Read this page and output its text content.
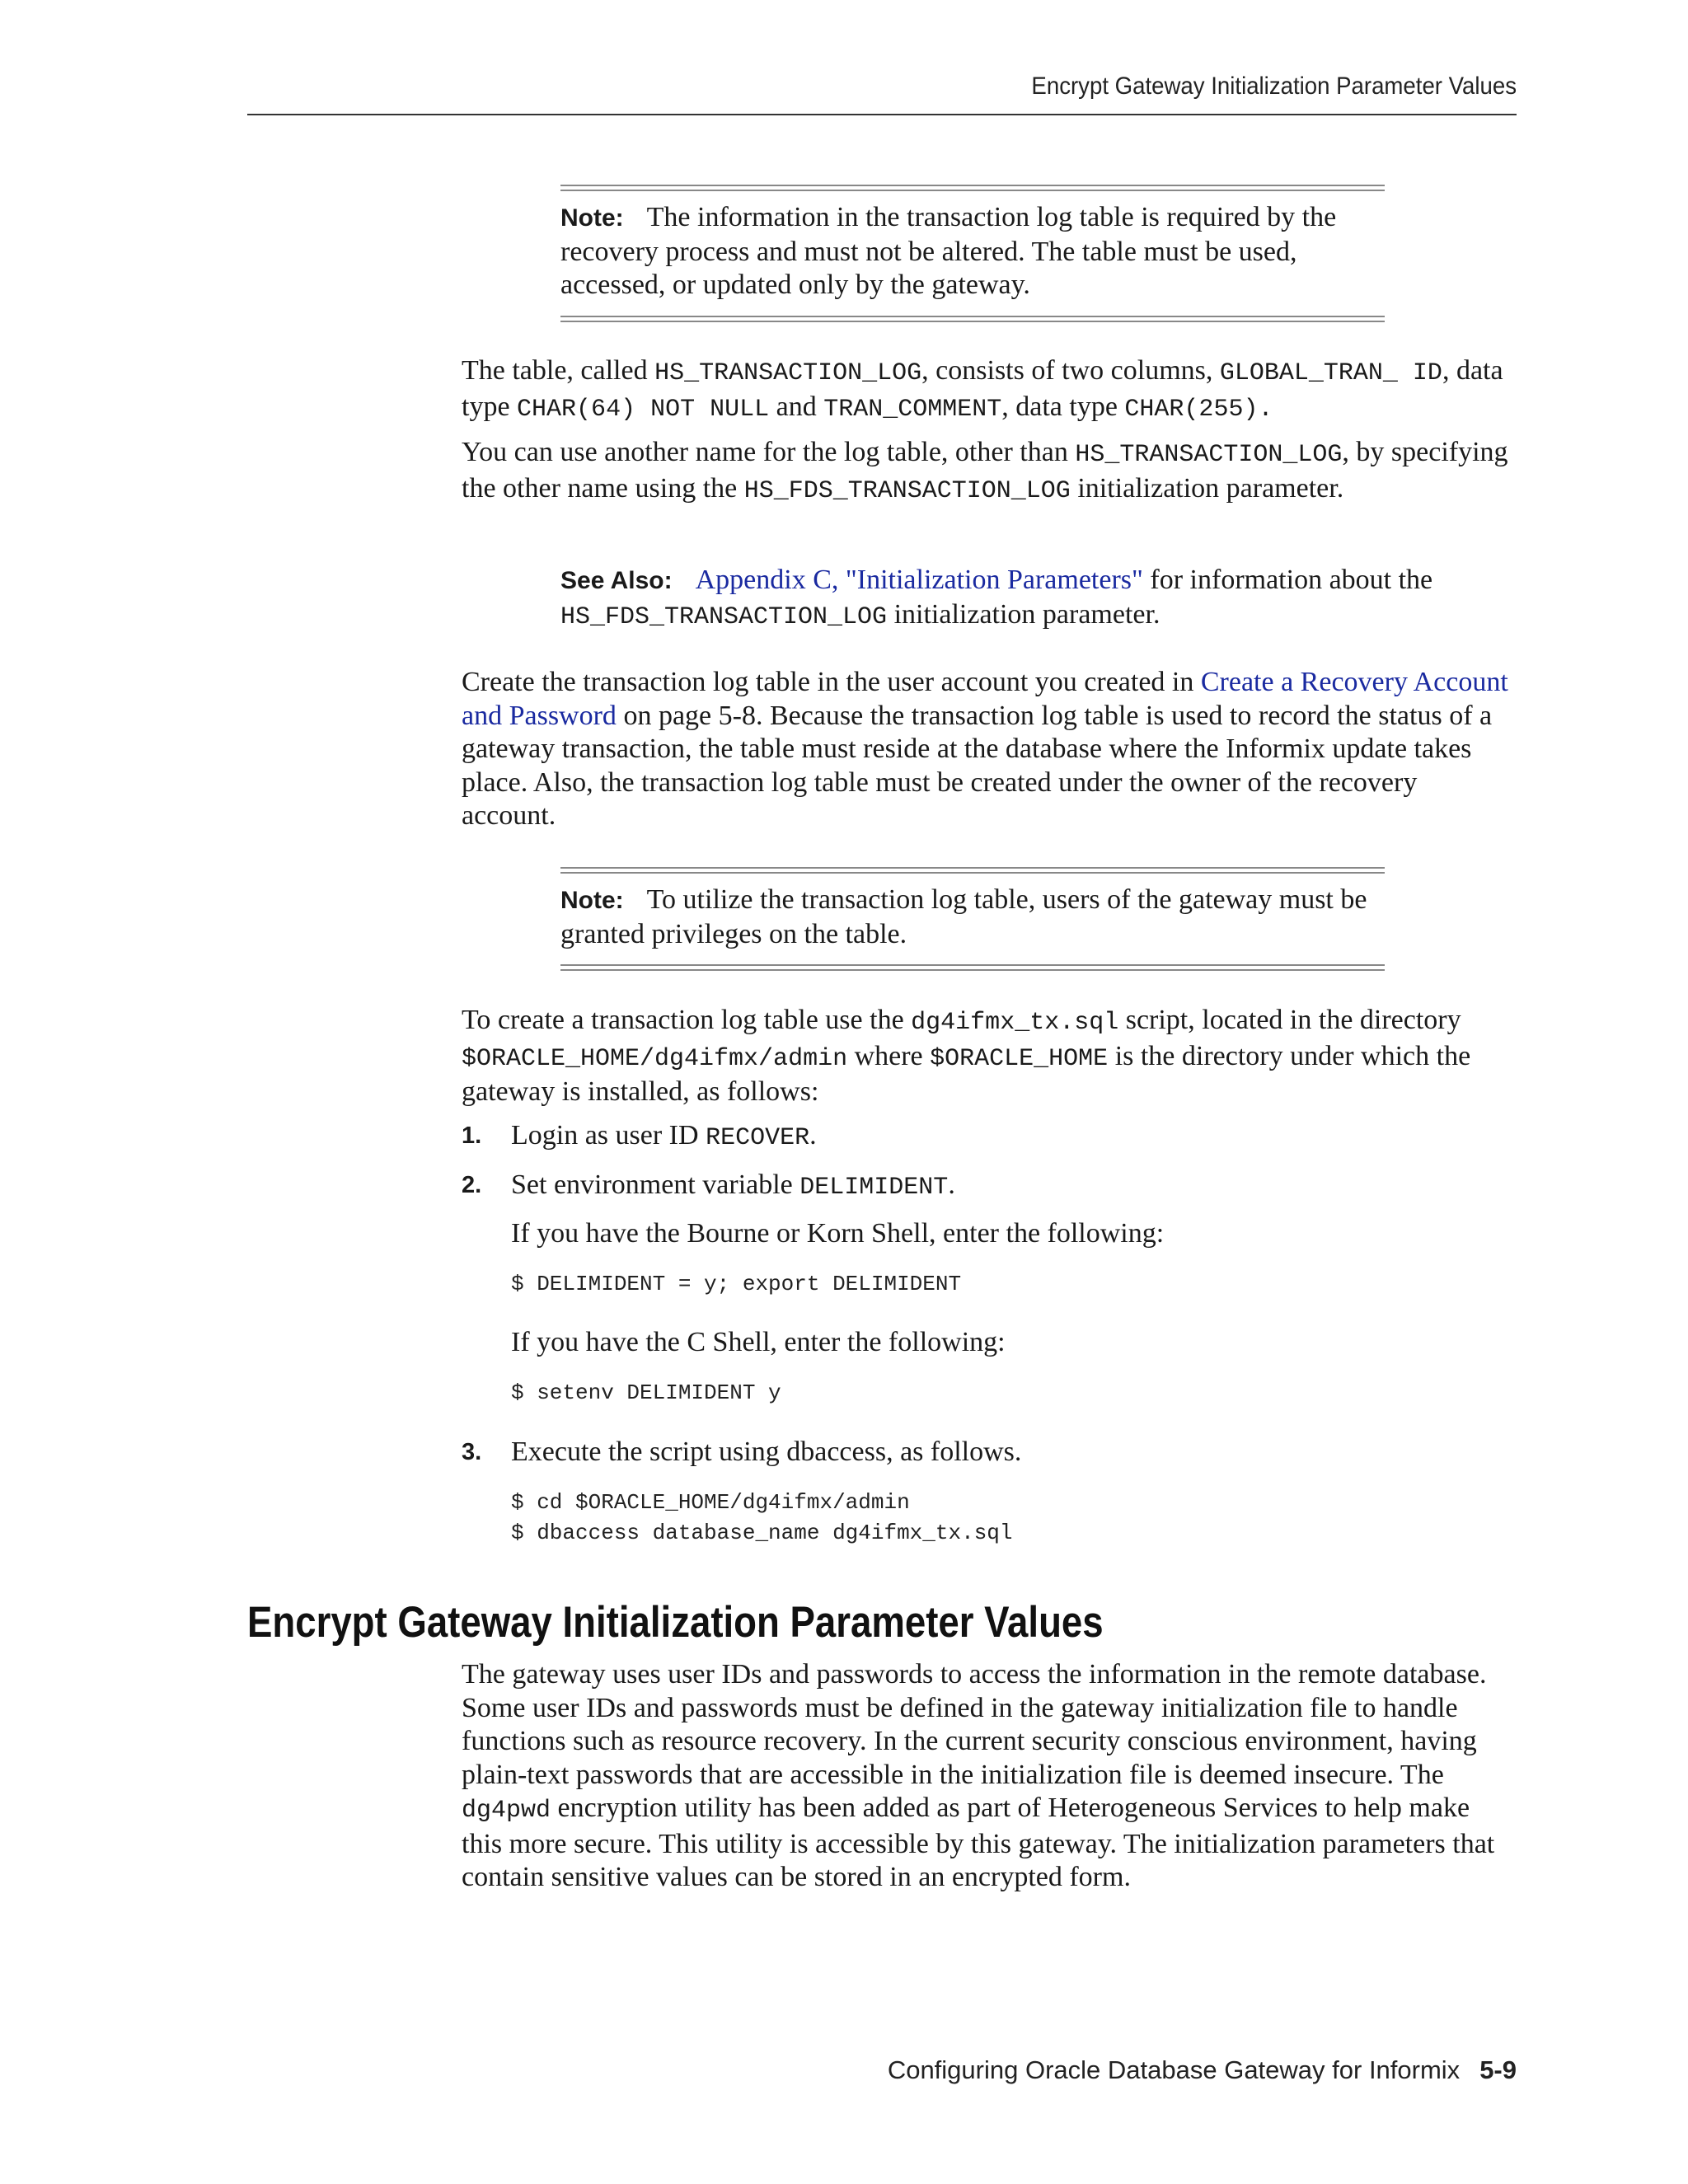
Encrypt Gateway Initialization Parameter Values

Note: The information in the transaction log table is required by the recovery process and must not be altered. The table must be used, accessed, or updated only by the gateway.

The table, called HS_TRANSACTION_LOG, consists of two columns, GLOBAL_TRAN_ ID, data type CHAR(64) NOT NULL and TRAN_COMMENT, data type CHAR(255).

You can use another name for the log table, other than HS_TRANSACTION_LOG, by specifying the other name using the HS_FDS_TRANSACTION_LOG initialization parameter.

See Also: Appendix C, "Initialization Parameters" for information about the HS_FDS_TRANSACTION_LOG initialization parameter.

Create the transaction log table in the user account you created in Create a Recovery Account and Password on page 5-8. Because the transaction log table is used to record the status of a gateway transaction, the table must reside at the database where the Informix update takes place. Also, the transaction log table must be created under the owner of the recovery account.

Note: To utilize the transaction log table, users of the gateway must be granted privileges on the table.

To create a transaction log table use the dg4ifmx_tx.sql script, located in the directory $ORACLE_HOME/dg4ifmx/admin where $ORACLE_HOME is the directory under which the gateway is installed, as follows:

1. Login as user ID RECOVER.
2. Set environment variable DELIMIDENT.
If you have the Bourne or Korn Shell, enter the following:
$ DELIMIDENT = y; export DELIMIDENT
If you have the C Shell, enter the following:
$ setenv DELIMIDENT y
3. Execute the script using dbaccess, as follows.
$ cd $ORACLE_HOME/dg4ifmx/admin
$ dbaccess database_name dg4ifmx_tx.sql
Encrypt Gateway Initialization Parameter Values

The gateway uses user IDs and passwords to access the information in the remote database. Some user IDs and passwords must be defined in the gateway initialization file to handle functions such as resource recovery. In the current security conscious environment, having plain-text passwords that are accessible in the initialization file is deemed insecure. The dg4pwd encryption utility has been added as part of Heterogeneous Services to help make this more secure. This utility is accessible by this gateway. The initialization parameters that contain sensitive values can be stored in an encrypted form.

Configuring Oracle Database Gateway for Informix 5-9
